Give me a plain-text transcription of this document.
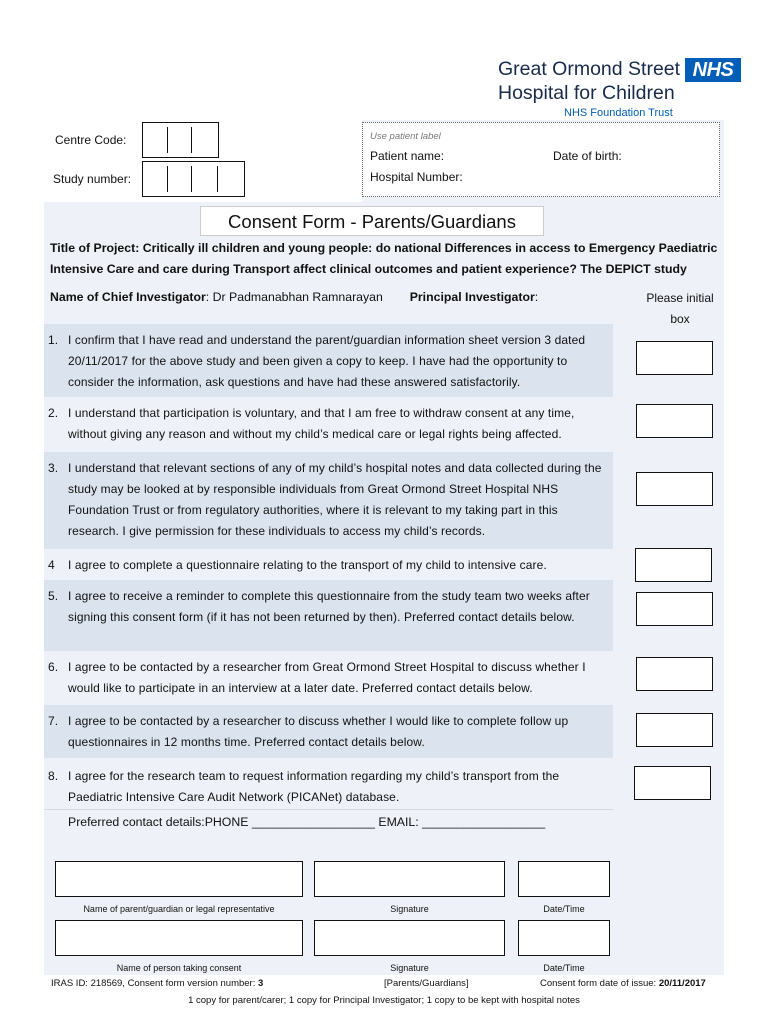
Great Ormond Street
Hospital for Children
NHS
NHS Foundation Trust
Centre Code:
Study number:
Use patient label
Patient name:	Date of birth:
Hospital Number:
Consent Form - Parents/Guardians
Title of Project: Critically ill children and young people: do national Differences in access to Emergency Paediatric Intensive Care and care during Transport affect clinical outcomes and patient experience? The DEPICT study
Name of Chief Investigator: Dr Padmanabhan Ramnarayan Principal Investigator:	Please initial box
1. I confirm that I have read and understand the parent/guardian information sheet version 3 dated 20/11/2017 for the above study and been given a copy to keep. I have had the opportunity to consider the information, ask questions and have had these answered satisfactorily.
2. I understand that participation is voluntary, and that I am free to withdraw consent at any time, without giving any reason and without my child’s medical care or legal rights being affected.
3. I understand that relevant sections of any of my child’s hospital notes and data collected during the study may be looked at by responsible individuals from Great Ormond Street Hospital NHS Foundation Trust or from regulatory authorities, where it is relevant to my taking part in this research. I give permission for these individuals to access my child’s records.
4 I agree to complete a questionnaire relating to the transport of my child to intensive care.
5. I agree to receive a reminder to complete this questionnaire from the study team two weeks after signing this consent form (if it has not been returned by then). Preferred contact details below.
6. I agree to be contacted by a researcher from Great Ormond Street Hospital to discuss whether I would like to participate in an interview at a later date. Preferred contact details below.
7. I agree to be contacted by a researcher to discuss whether I would like to complete follow up questionnaires in 12 months time. Preferred contact details below.
8. I agree for the research team to request information regarding my child’s transport from the Paediatric Intensive Care Audit Network (PICANet) database.
Preferred contact details:PHONE __________________ EMAIL: __________________
Name of parent/guardian or legal representative	Signature	Date/Time
Name of person taking consent	Signature	Date/Time
IRAS ID: 218569, Consent form version number: 3	[Parents/Guardians]	Consent form date of issue: 20/11/2017
1 copy for parent/carer; 1 copy for Principal Investigator; 1 copy to be kept with hospital notes
